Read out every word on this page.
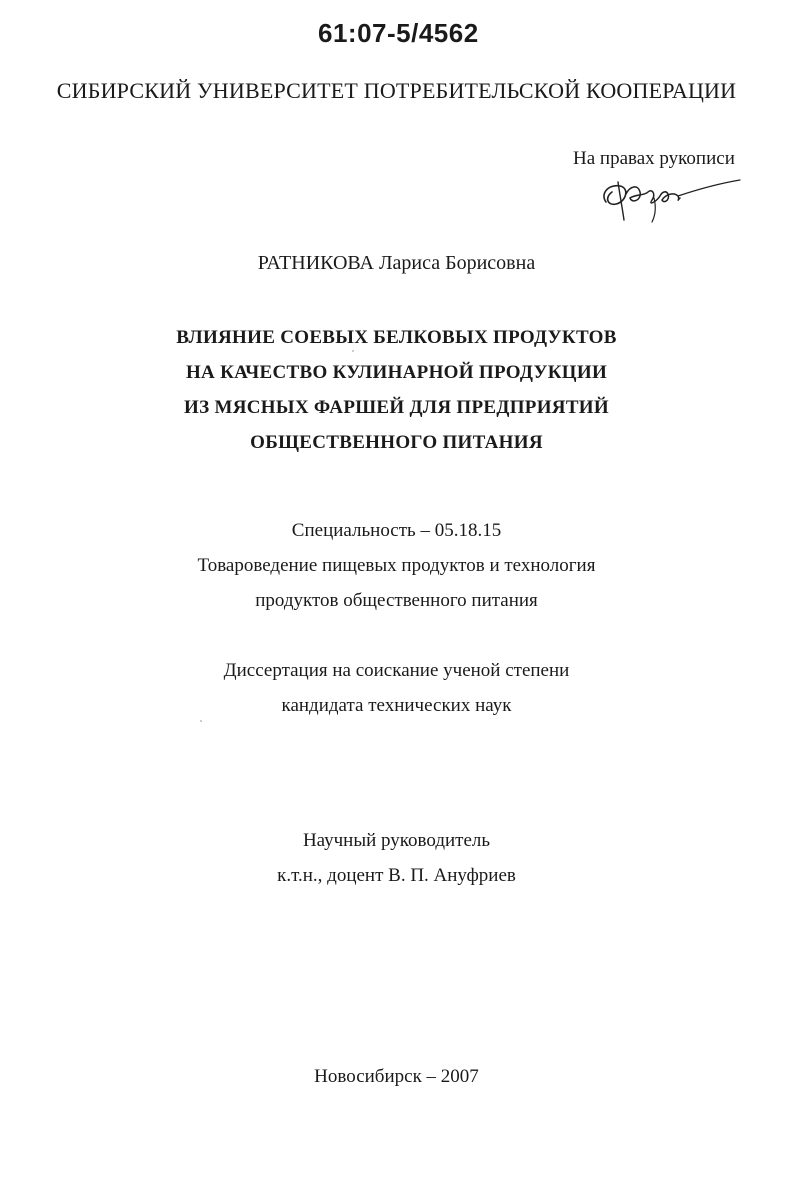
61:07-5/4562
СИБИРСКИЙ УНИВЕРСИТЕТ ПОТРЕБИТЕЛЬСКОЙ КООПЕРАЦИИ
На правах рукописи
РАТНИКОВА Лариса Борисовна
ВЛИЯНИЕ СОЕВЫХ БЕЛКОВЫХ ПРОДУКТОВ
НА КАЧЕСТВО КУЛИНАРНОЙ ПРОДУКЦИИ
ИЗ МЯСНЫХ ФАРШЕЙ ДЛЯ ПРЕДПРИЯТИЙ
ОБЩЕСТВЕННОГО ПИТАНИЯ
Специальность – 05.18.15
Товароведение пищевых продуктов и технология
продуктов общественного питания
Диссертация на соискание ученой степени
кандидата технических наук
Научный руководитель
к.т.н., доцент В. П. Ануфриев
Новосибирск – 2007
